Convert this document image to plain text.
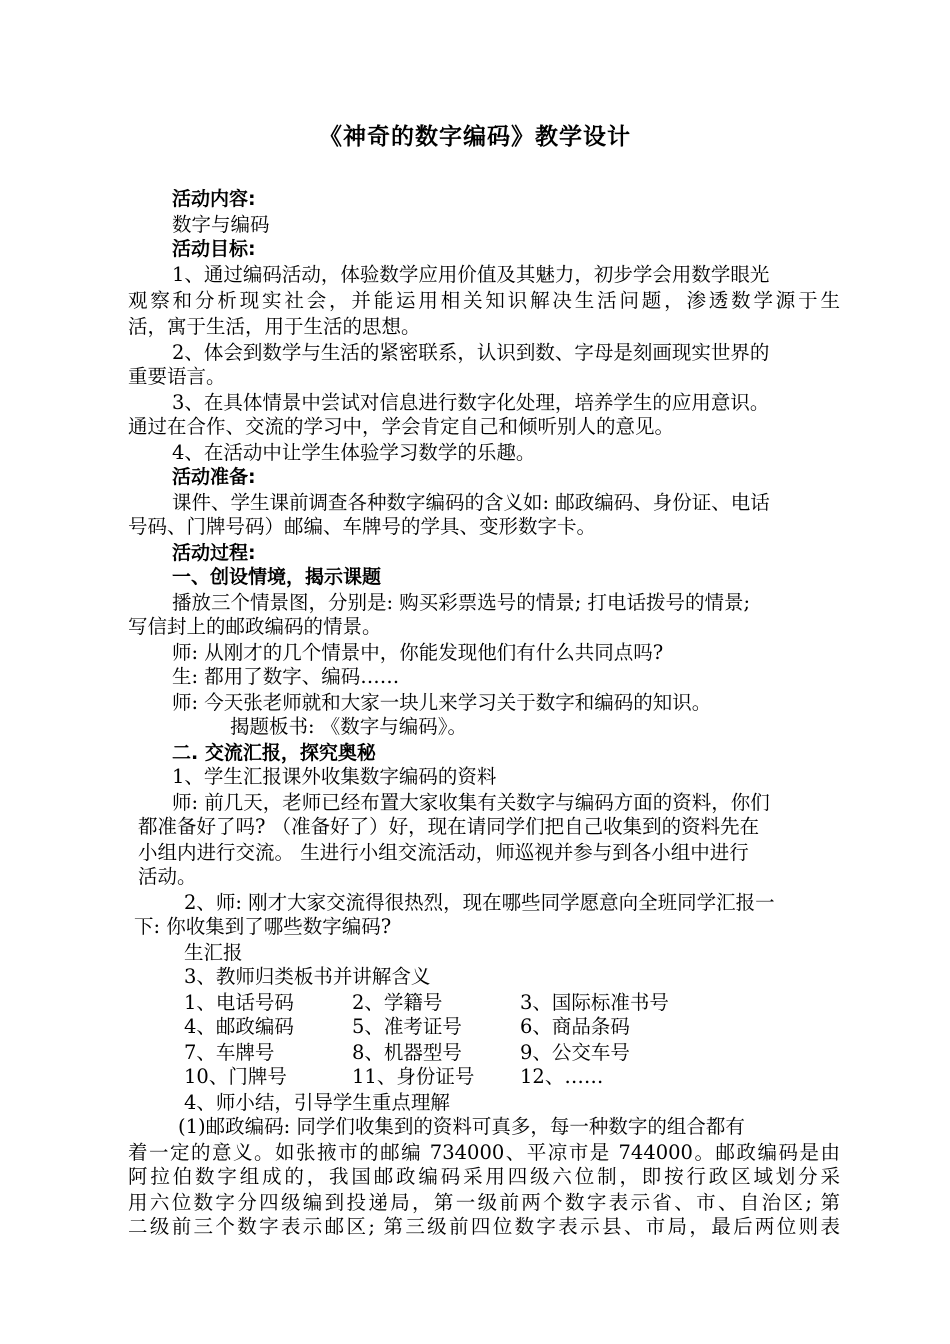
《神奇的数字编码》教学设计
活动内容:
数字与编码
活动目标:
1、通过编码活动，体验数学应用价值及其魅力，初步学会用数学眼光
观察和分析现实社会，并能运用相关知识解决生活问题，渗透数学源于生
活，寓于生活，用于生活的思想。
2、体会到数学与生活的紧密联系，认识到数、字母是刻画现实世界的
重要语言。
3、在具体情景中尝试对信息进行数字化处理，培养学生的应用意识。
通过在合作、交流的学习中，学会肯定自己和倾听别人的意见。
4、在活动中让学生体验学习数学的乐趣。
活动准备:
课件、学生课前调查各种数字编码的含义如: 邮政编码、身份证、电话
号码、门牌号码）邮编、车牌号的学具、变形数字卡。
活动过程:
一、创设情境，揭示课题
播放三个情景图，分别是: 购买彩票选号的情景; 打电话拨号的情景;
写信封上的邮政编码的情景。
师: 从刚才的几个情景中，你能发现他们有什么共同点吗?
生: 都用了数字、编码……
师: 今天张老师就和大家一块儿来学习关于数字和编码的知识。
揭题板书: 《数字与编码》。
二. 交流汇报，探究奥秘
1、学生汇报课外收集数字编码的资料
师: 前几天，老师已经布置大家收集有关数字与编码方面的资料，你们
都准备好了吗? （准备好了）好，现在请同学们把自己收集到的资料先在
小组内进行交流。 生进行小组交流活动，师巡视并参与到各小组中进行
活动。
2、师: 刚才大家交流得很热烈，现在哪些同学愿意向全班同学汇报一
下: 你收集到了哪些数字编码?
生汇报
3、教师归类板书并讲解含义
1、电话号码	2、学籍号	3、国际标准书号
4、邮政编码	5、准考证号	6、商品条码
7、车牌号	8、机器型号	9、公交车号
10、门牌号	11、身份证号 12、……
4、师小结，引导学生重点理解
(1)邮政编码: 同学们收集到的资料可真多，每一种数字的组合都有
着一定的意义。如张掖市的邮编 734000、平凉市是 744000。邮政编码是由
阿拉伯数字组成的，我国邮政编码采用四级六位制，即按行政区域划分采
用六位数字分四级编到投递局，第一级前两个数字表示省、市、自治区; 第
二级前三个数字表示邮区; 第三级前四位数字表示县、市局，最后两位则表
